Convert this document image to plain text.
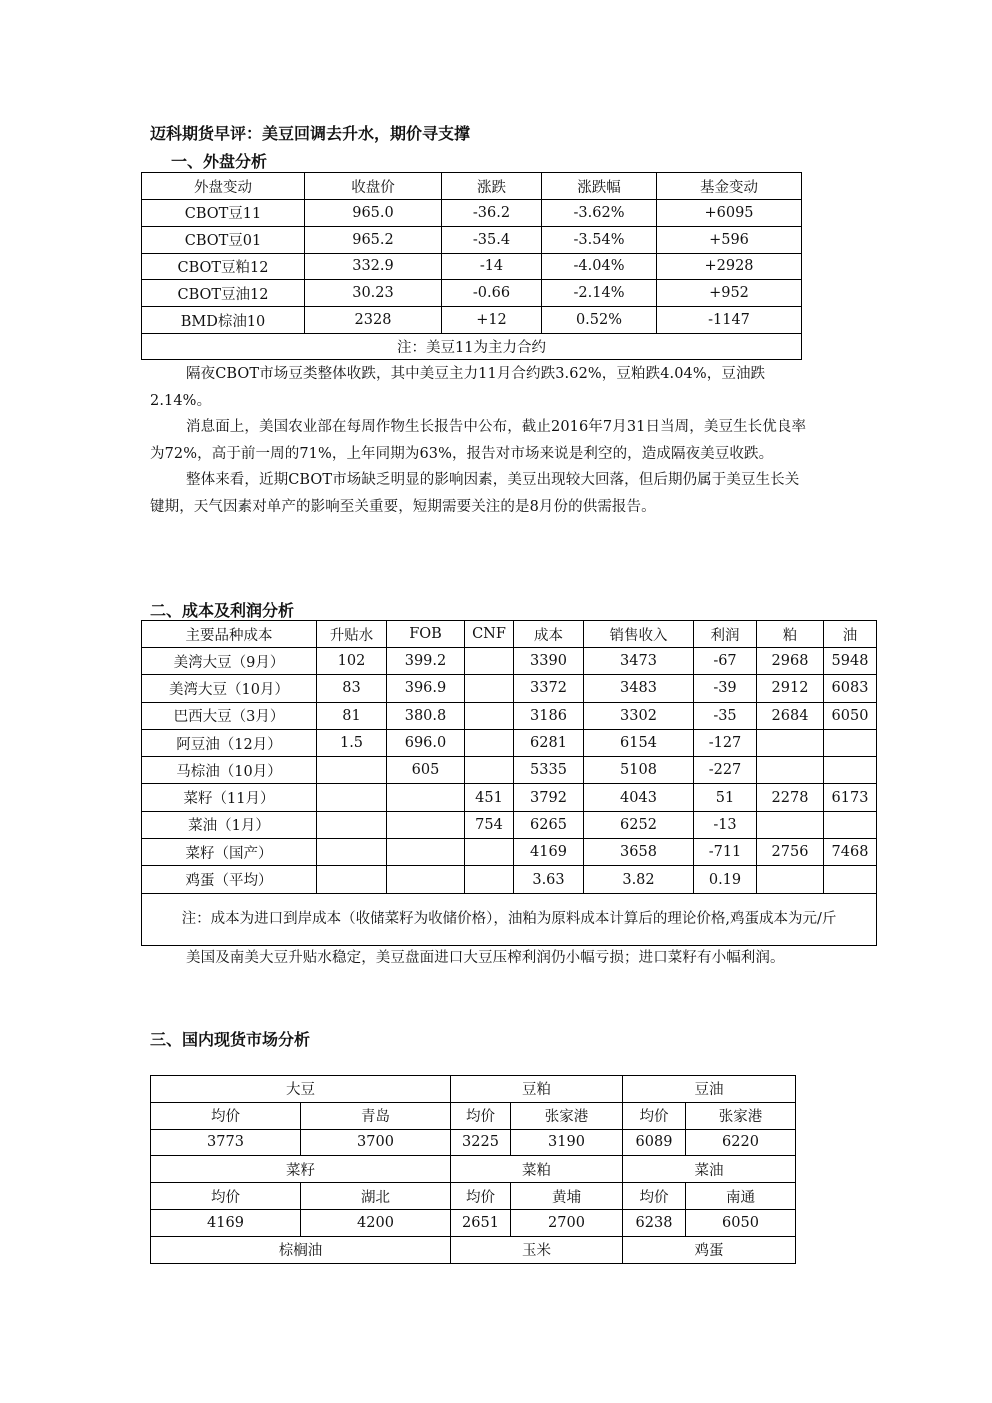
迈科期货早评：美豆回调去升水，期价寻支撑
一、外盘分析
外盘变动	收盘价	涨跌	涨跌幅	基金变动
CBOT豆11	965.0	-36.2	-3.62%	+6095
CBOT豆01	965.2	-35.4	-3.54%	+596
CBOT豆粕12	332.9	-14	-4.04%	+2928
CBOT豆油12	30.23	-0.66	-2.14%	+952
BMD棕油10	2328	+12	0.52%	-1147
注：美豆11为主力合约				

隔夜CBOT市场豆类整体收跌，其中美豆主力11月合约跌3.62%，豆粕跌4.04%，豆油跌2.14%。

消息面上，美国农业部在每周作物生长报告中公布，截止2016年7月31日当周，美豆生长优良率为72%，高于前一周的71%，上年同期为63%，报告对市场来说是利空的，造成隔夜美豆收跌。

整体来看，近期CBOT市场缺乏明显的影响因素，美豆出现较大回落，但后期仍属于美豆生长关键期，天气因素对单产的影响至关重要，短期需要关注的是8月份的供需报告。

二、成本及利润分析
主要品种成本	升贴水	FOB	CNF	成本	销售收入	利润	粕	油
美湾大豆（9月）	102	399.2		3390	3473	-67	2968	5948
美湾大豆（10月）	83	396.9		3372	3483	-39	2912	6083
巴西大豆（3月）	81	380.8		3186	3302	-35	2684	6050
阿豆油（12月）	1.5	696.0		6281	6154	-127		
马棕油（10月）		605		5335	5108	-227		
菜籽（11月）			451	3792	4043	51	2278	6173
菜油（1月）			754	6265	6252	-13		
菜籽（国产）				4169	3658	-711	2756	7468
鸡蛋（平均）				3.63	3.82	0.19		
注：成本为进口到岸成本（收储菜籽为收储价格），油粕为原料成本计算后的理论价格,鸡蛋成本为元/斤								

美国及南美大豆升贴水稳定，美豆盘面进口大豆压榨利润仍小幅亏损；进口菜籽有小幅利润。

三、国内现货市场分析
大豆		豆粕		豆油	
均价	青岛	均价	张家港	均价	张家港
3773	3700	3225	3190	6089	6220
菜籽		菜粕		菜油	
均价	湖北	均价	黄埔	均价	南通
4169	4200	2651	2700	6238	6050
棕榈油		玉米		鸡蛋	
